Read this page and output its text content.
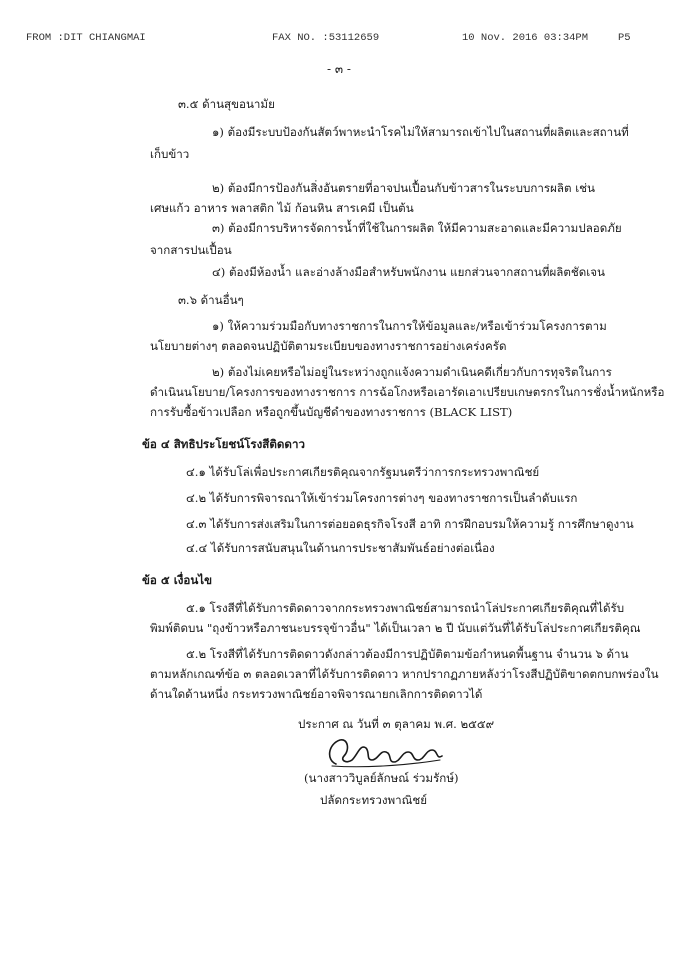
FROM :DIT CHIANGMAI	FAX NO. :53112659	10 Nov. 2016 03:34PM	P5
- ๓ -
๓.๕ ด้านสุขอนามัย
๑) ต้องมีระบบป้องกันสัตว์พาหะนำโรคไม่ให้สามารถเข้าไปในสถานที่ผลิตและสถานที่
เก็บข้าว
๒) ต้องมีการป้องกันสิ่งอันตรายที่อาจปนเปื้อนกับข้าวสารในระบบการผลิต เช่น
เศษแก้ว อาหาร พลาสติก ไม้ ก้อนหิน สารเคมี เป็นต้น
๓) ต้องมีการบริหารจัดการน้ำที่ใช้ในการผลิต ให้มีความสะอาดและมีความปลอดภัย
จากสารปนเปื้อน
๔) ต้องมีห้องน้ำ และอ่างล้างมือสำหรับพนักงาน แยกส่วนจากสถานที่ผลิตชัดเจน
๓.๖ ด้านอื่นๆ
๑) ให้ความร่วมมือกับทางราชการในการให้ข้อมูลและ/หรือเข้าร่วมโครงการตาม
นโยบายต่างๆ ตลอดจนปฏิบัติตามระเบียบของทางราชการอย่างเคร่งครัด
๒) ต้องไม่เคยหรือไม่อยู่ในระหว่างถูกแจ้งความดำเนินคดีเกี่ยวกับการทุจริตในการ
ดำเนินนโยบาย/โครงการของทางราชการ การฉ้อโกงหรือเอารัดเอาเปรียบเกษตรกรในการชั่งน้ำหนักหรือ
การรับซื้อข้าวเปลือก หรือถูกขึ้นบัญชีดำของทางราชการ (BLACK LIST)
ข้อ ๔ สิทธิประโยชน์โรงสีติดดาว
๔.๑ ได้รับโล่เพื่อประกาศเกียรติคุณจากรัฐมนตรีว่าการกระทรวงพาณิชย์
๔.๒ ได้รับการพิจารณาให้เข้าร่วมโครงการต่างๆ ของทางราชการเป็นลำดับแรก
๔.๓ ได้รับการส่งเสริมในการต่อยอดธุรกิจโรงสี อาทิ การฝึกอบรมให้ความรู้ การศึกษาดูงาน
๔.๔ ได้รับการสนับสนุนในด้านการประชาสัมพันธ์อย่างต่อเนื่อง
ข้อ ๕ เงื่อนไข
๕.๑ โรงสีที่ได้รับการติดดาวจากกระทรวงพาณิชย์สามารถนำโล่ประกาศเกียรติคุณที่ได้รับ
พิมพ์ติดบน "ถุงข้าวหรือภาชนะบรรจุข้าวอื่น" ได้เป็นเวลา ๒ ปี นับแต่วันที่ได้รับโล่ประกาศเกียรติคุณ
๕.๒ โรงสีที่ได้รับการติดดาวดังกล่าวต้องมีการปฏิบัติตามข้อกำหนดพื้นฐาน จำนวน ๖ ด้าน
ตามหลักเกณฑ์ข้อ ๓ ตลอดเวลาที่ได้รับการติดดาว หากปรากฏภายหลังว่าโรงสีปฏิบัติขาดตกบกพร่องใน
ด้านใดด้านหนึ่ง กระทรวงพาณิชย์อาจพิจารณายกเลิกการติดดาวได้
ประกาศ ณ วันที่ ๓ ตุลาคม พ.ศ. ๒๕๕๙
(นางสาววิบูลย์ลักษณ์ ร่วมรักษ์)
ปลัดกระทรวงพาณิชย์
